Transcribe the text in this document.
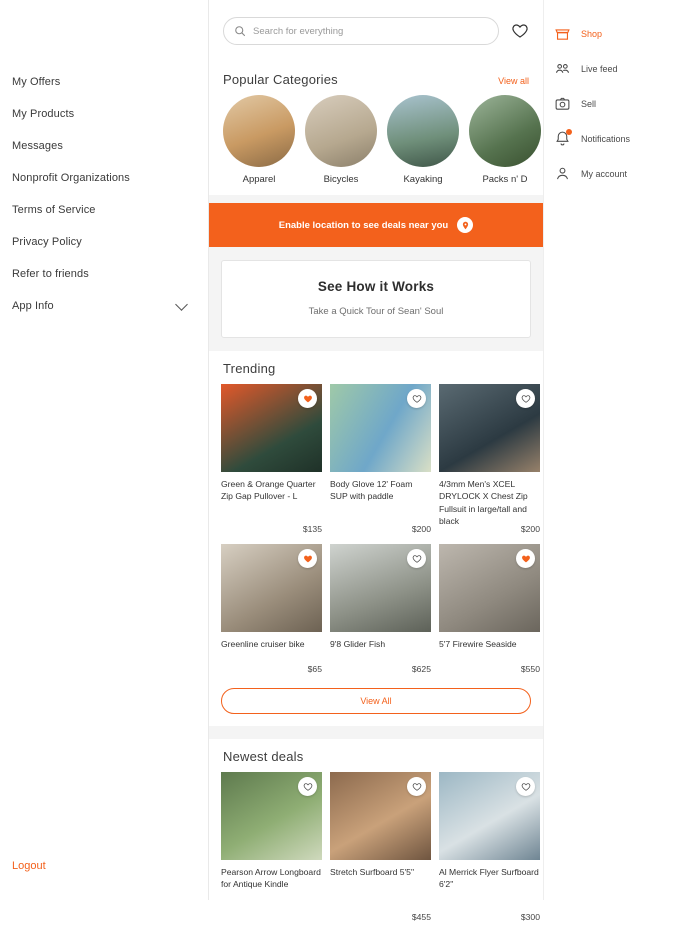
My Offers
My Products
Messages
Nonprofit Organizations
Terms of Service
Privacy Policy
Refer to friends
App Info
Logout
Search for everything
Popular Categories	View all
Apparel	Bicycles	Kayaking	Packs n' D
Enable location to see deals near you
See How it Works
Take a Quick Tour of Sean' Soul
Trending
Green & Orange Quarter Zip Gap Pullover - L
$135
Body Glove 12' Foam SUP with paddle
$200
4/3mm Men's XCEL DRYLOCK X Chest Zip Fullsuit in large/tall and black
$200
Greenline cruiser bike
$65
9'8 Glider Fish
$625
5'7 Firewire Seaside
$550
View All
Newest deals
Pearson Arrow Longboard for Antique Kindle
Stretch Surfboard 5'5"
$455
Al Merrick Flyer Surfboard 6'2"
$300
Shop
Live feed
Sell
Notifications
My account
